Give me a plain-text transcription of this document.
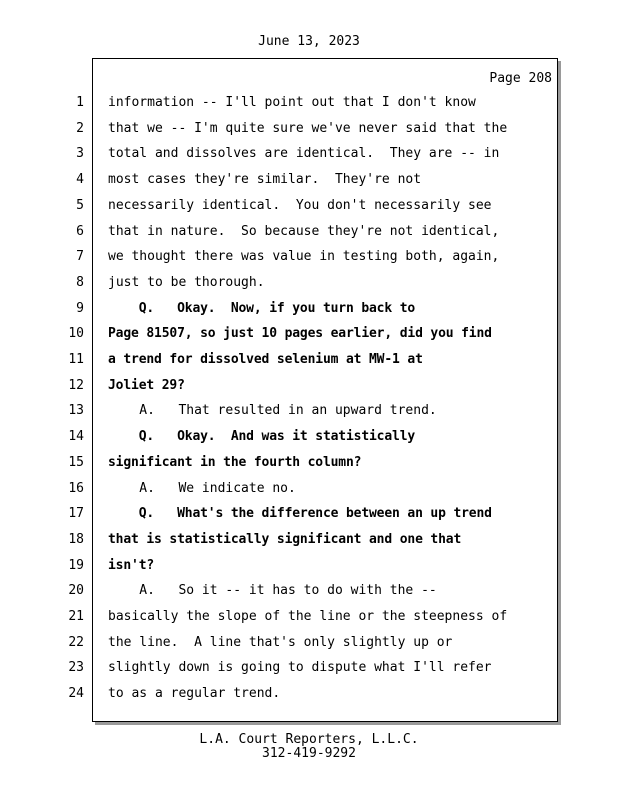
June 13, 2023
Page 208
1 information -- I'll point out that I don't know
2 that we -- I'm quite sure we've never said that the
3 total and dissolves are identical.  They are -- in
4 most cases they're similar.  They're not
5 necessarily identical.  You don't necessarily see
6 that in nature.  So because they're not identical,
7 we thought there was value in testing both, again,
8 just to be thorough.
9 Q.   Okay.  Now, if you turn back to
10 Page 81507, so just 10 pages earlier, did you find
11 a trend for dissolved selenium at MW-1 at
12 Joliet 29?
13 A.   That resulted in an upward trend.
14 Q.   Okay.  And was it statistically
15 significant in the fourth column?
16 A.   We indicate no.
17 Q.   What's the difference between an up trend
18 that is statistically significant and one that
19 isn't?
20 A.   So it -- it has to do with the --
21 basically the slope of the line or the steepness of
22 the line.  A line that's only slightly up or
23 slightly down is going to dispute what I'll refer
24 to as a regular trend.
L.A. Court Reporters, L.L.C.
312-419-9292
